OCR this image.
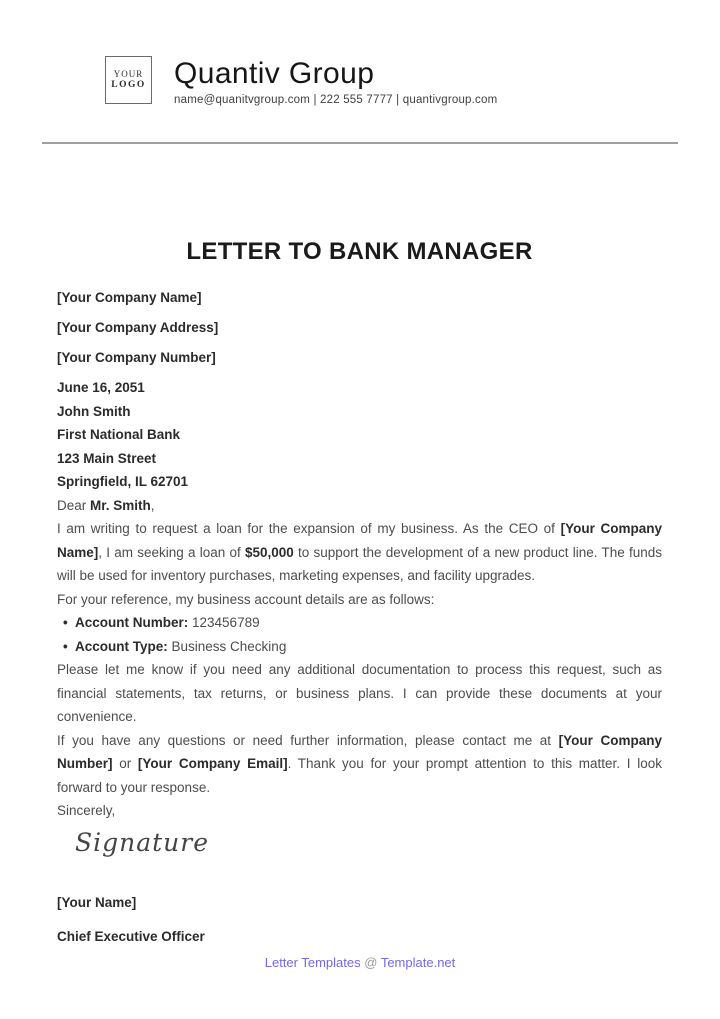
YOUR
LOGO Quantiv Group
name@quanitvgroup.com | 222 555 7777 | quantivgroup.com
LETTER TO BANK MANAGER

[Your Company Name]

[Your Company Address]

[Your Company Number]

June 16, 2051

John Smith

First National Bank

123 Main Street

Springfield, IL 62701

Dear Mr. Smith,

I am writing to request a loan for the expansion of my business. As the CEO of [Your Company Name], I am seeking a loan of $50,000 to support the development of a new product line. The funds will be used for inventory purchases, marketing expenses, and facility upgrades.

For your reference, my business account details are as follows:

• Account Number: 123456789
• Account Type: Business Checking

Please let me know if you need any additional documentation to process this request, such as financial statements, tax returns, or business plans. I can provide these documents at your convenience.

If you have any questions or need further information, please contact me at [Your Company Number] or [Your Company Email]. Thank you for your prompt attention to this matter. I look forward to your response.

Sincerely,

Signature

[Your Name]

Chief Executive Officer

Letter Templates @ Template.net
